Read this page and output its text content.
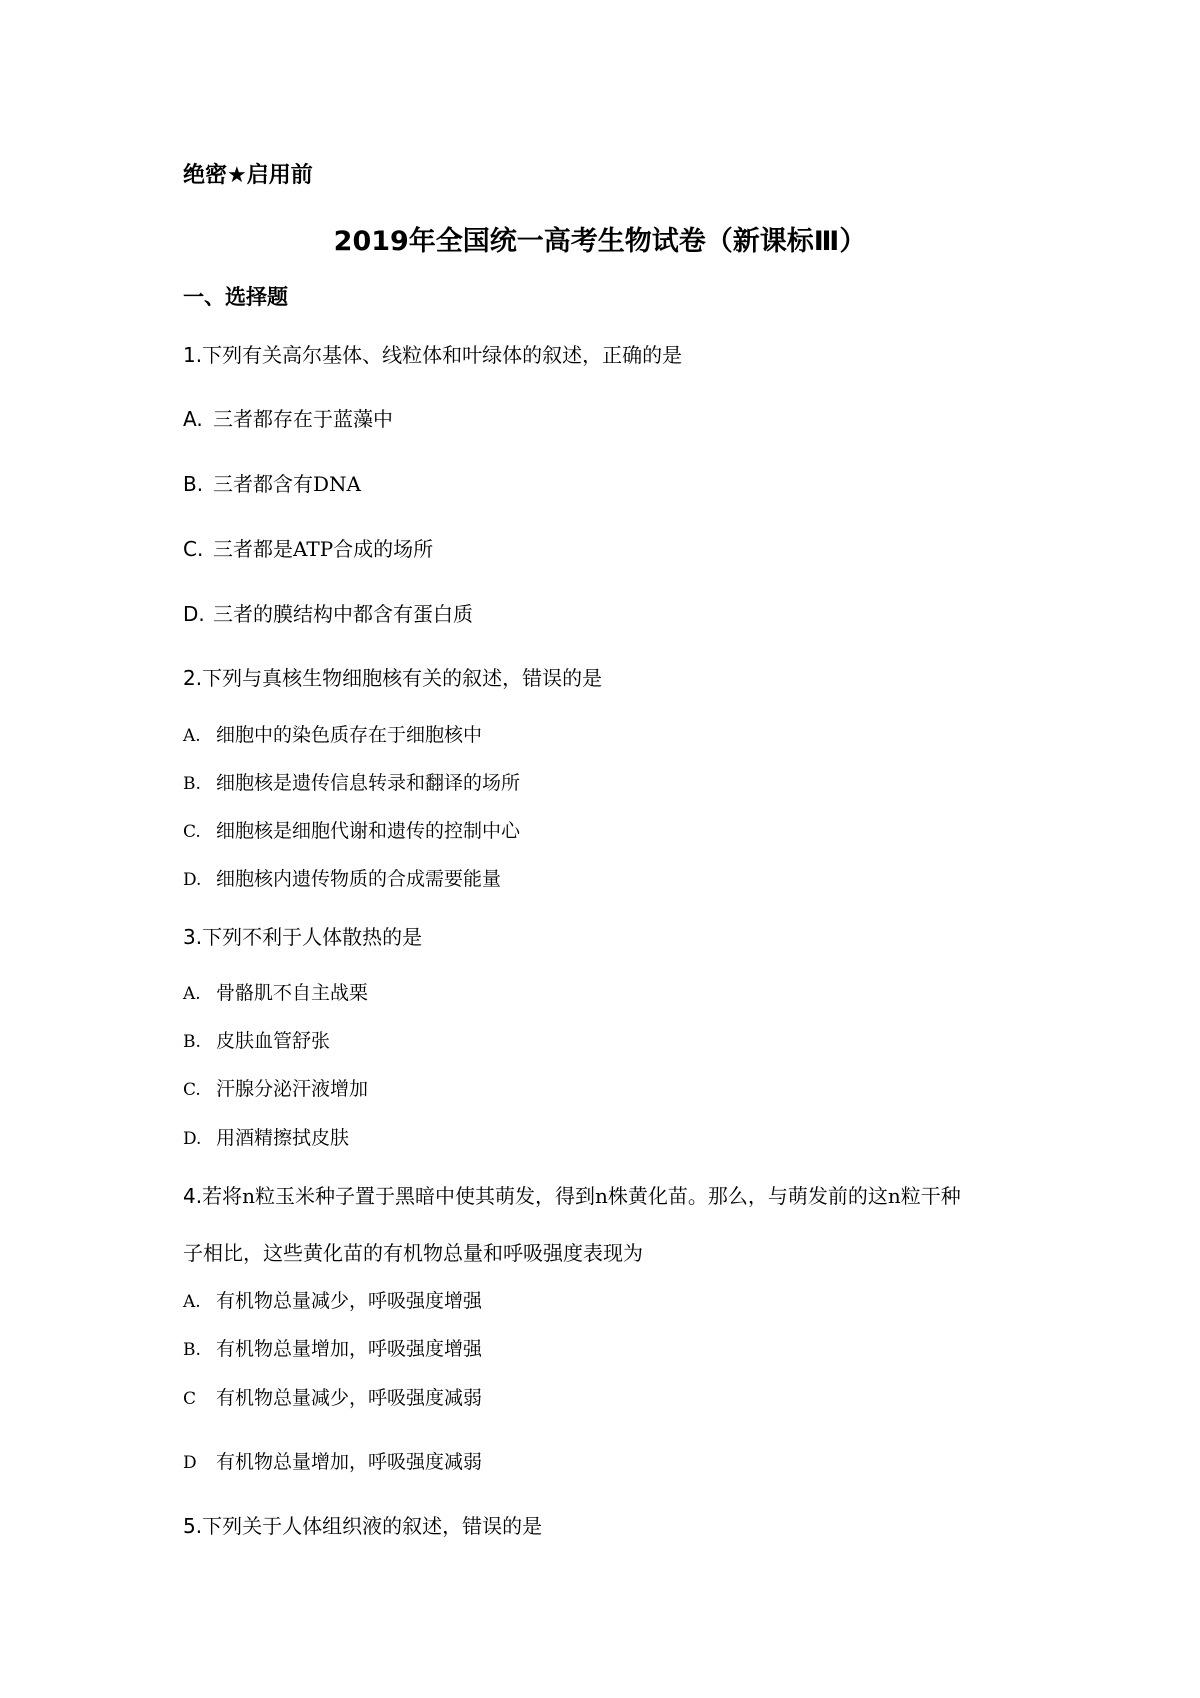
绝密★启用前
2019年全国统一高考生物试卷（新课标Ⅲ）
一、选择题
1.下列有关高尔基体、线粒体和叶绿体的叙述，正确的是
A. 三者都存在于蓝藻中
B. 三者都含有DNA
C. 三者都是ATP合成的场所
D. 三者的膜结构中都含有蛋白质
2.下列与真核生物细胞核有关的叙述，错误的是
A. 细胞中的染色质存在于细胞核中
B. 细胞核是遗传信息转录和翻译的场所
C. 细胞核是细胞代谢和遗传的控制中心
D. 细胞核内遗传物质的合成需要能量
3.下列不利于人体散热的是
A. 骨骼肌不自主战栗
B. 皮肤血管舒张
C. 汗腺分泌汗液增加
D. 用酒精擦拭皮肤
4.若将n粒玉米种子置于黑暗中使其萌发，得到n株黄化苗。那么，与萌发前的这n粒干种
子相比，这些黄化苗的有机物总量和呼吸强度表现为
A. 有机物总量减少，呼吸强度增强
B. 有机物总量增加，呼吸强度增强
C 有机物总量减少，呼吸强度减弱
D 有机物总量增加，呼吸强度减弱
5.下列关于人体组织液的叙述，错误的是
